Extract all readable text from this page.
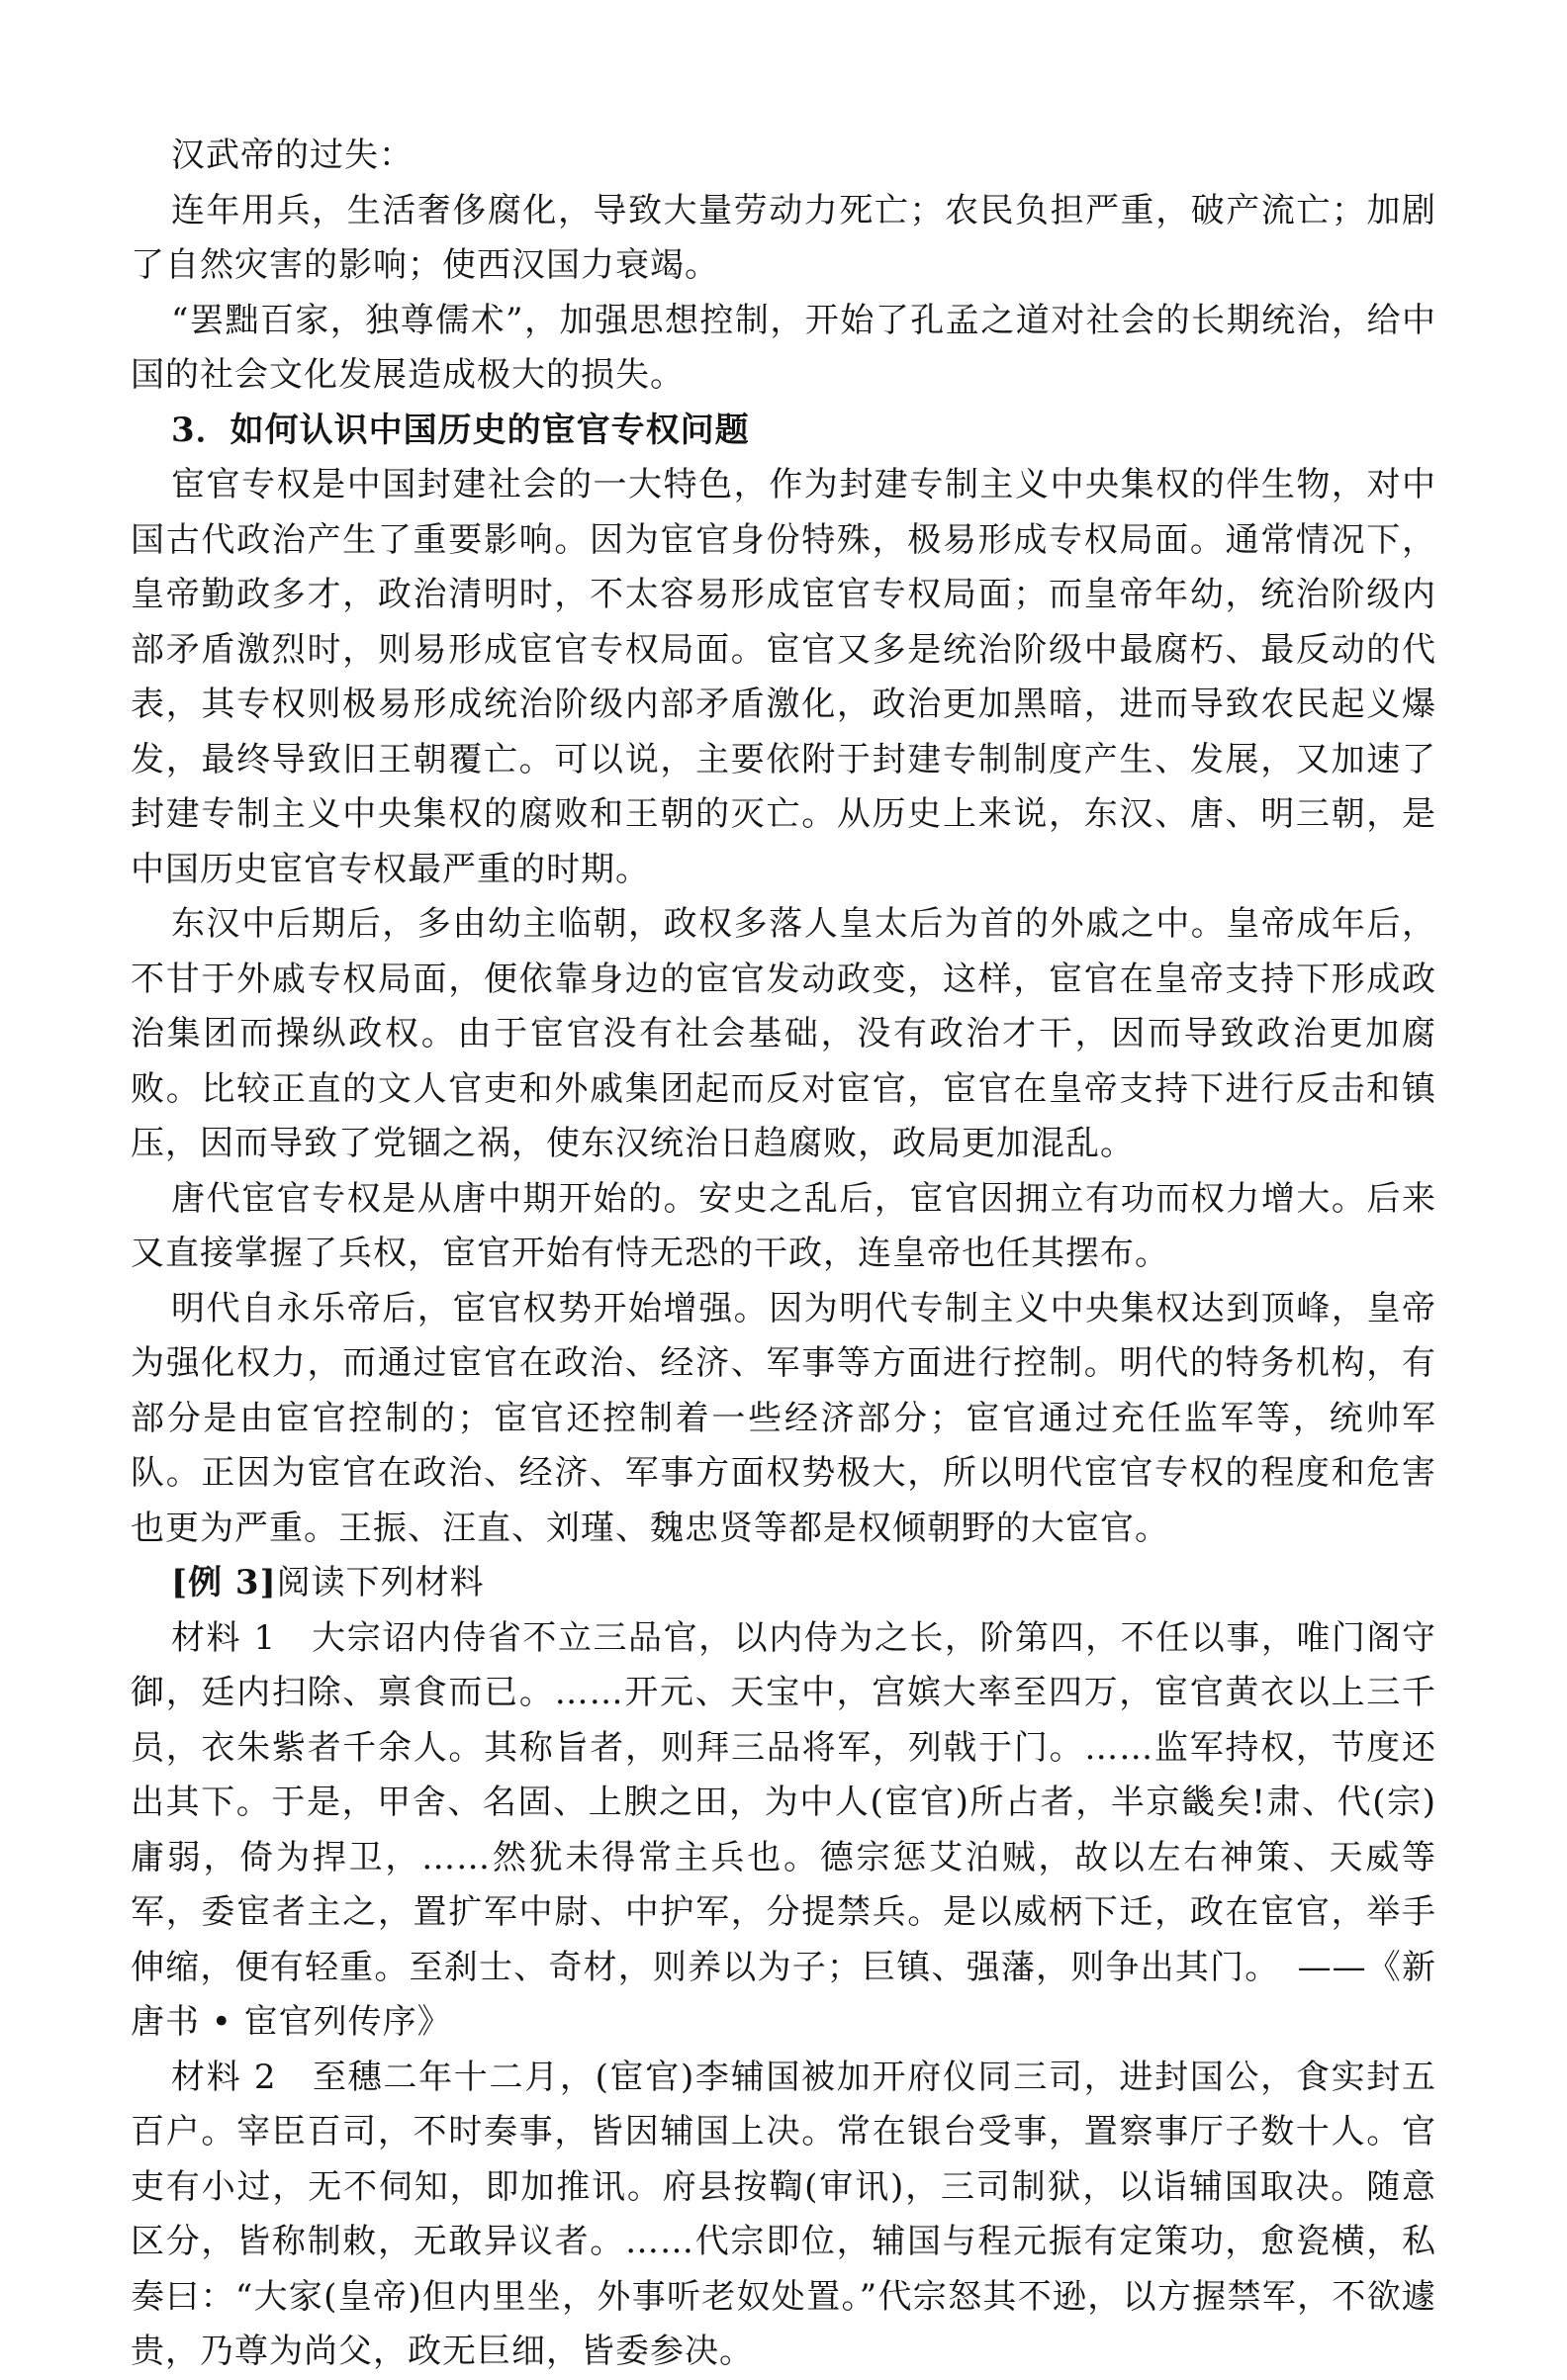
汉武帝的过失：

连年用兵，生活奢侈腐化，导致大量劳动力死亡；农民负担严重，破产流亡；加剧了自然灾害的影响；使西汉国力衰竭。

“罢黜百家，独尊儒术”，加强思想控制，开始了孔孟之道对社会的长期统治，给中国的社会文化发展造成极大的损失。

3．如何认识中国历史的宦官专权问题

宦官专权是中国封建社会的一大特色，作为封建专制主义中央集权的伴生物，对中国古代政治产生了重要影响。因为宦官身份特殊，极易形成专权局面。通常情况下，皇帝勤政多才，政治清明时，不太容易形成宦官专权局面；而皇帝年幼，统治阶级内部矛盾激烈时，则易形成宦官专权局面。宦官又多是统治阶级中最腐朽、最反动的代表，其专权则极易形成统治阶级内部矛盾激化，政治更加黑暗，进而导致农民起义爆发，最终导致旧王朝覆亡。可以说，主要依附于封建专制制度产生、发展，又加速了封建专制主义中央集权的腐败和王朝的灭亡。从历史上来说，东汉、唐、明三朝，是中国历史宦官专权最严重的时期。

东汉中后期后，多由幼主临朝，政权多落人皇太后为首的外戚之中。皇帝成年后，不甘于外戚专权局面，便依靠身边的宦官发动政变，这样，宦官在皇帝支持下形成政治集团而操纵政权。由于宦官没有社会基础，没有政治才干，因而导致政治更加腐败。比较正直的文人官吏和外戚集团起而反对宦官，宦官在皇帝支持下进行反击和镇压，因而导致了党锢之祸，使东汉统治日趋腐败，政局更加混乱。

唐代宦官专权是从唐中期开始的。安史之乱后，宦官因拥立有功而权力增大。后来又直接掌握了兵权，宦官开始有恃无恐的干政，连皇帝也任其摆布。

明代自永乐帝后，宦官权势开始增强。因为明代专制主义中央集权达到顶峰，皇帝为强化权力，而通过宦官在政治、经济、军事等方面进行控制。明代的特务机构，有部分是由宦官控制的；宦官还控制着一些经济部分；宦官通过充任监军等，统帅军队。正因为宦官在政治、经济、军事方面权势极大，所以明代宦官专权的程度和危害也更为严重。王振、汪直、刘瑾、魏忠贤等都是权倾朝野的大宦官。

[例 3]阅读下列材料

材料 1　大宗诏内侍省不立三品官，以内侍为之长，阶第四，不任以事，唯门阁守御，廷内扫除、禀食而已。……开元、天宝中，宫嫔大率至四万，宦官黄衣以上三千员，衣朱紫者千余人。其称旨者，则拜三品将军，列戟于门。……监军持权，节度还出其下。于是，甲舍、名固、上腴之田，为中人(宦官)所占者，半京畿矣!肃、代(宗)庸弱，倚为捍卫，……然犹未得常主兵也。德宗惩艾泊贼，故以左右神策、天威等军，委宦者主之，置扩军中尉、中护军，分提禁兵。是以威柄下迁，政在宦官，举手伸缩，便有轻重。至刹士、奇材，则养以为子；巨镇、强藩，则争出其门。　——《新唐书 • 宦官列传序》

材料 2　至穗二年十二月，(宦官)李辅国被加开府仪同三司，进封国公，食实封五百户。宰臣百司，不时奏事，皆因辅国上决。常在银台受事，置察事厅子数十人。官吏有小过，无不伺知，即加推讯。府县按鞫(审讯)，三司制狱，以诣辅国取决。随意区分，皆称制敕，无敢异议者。……代宗即位，辅国与程元振有定策功，愈瓷横，私奏曰：“大家(皇帝)但内里坐，外事听老奴处置。”代宗怒其不逊，以方握禁军，不欲遽贵，乃尊为尚父，政无巨细，皆委参决。
